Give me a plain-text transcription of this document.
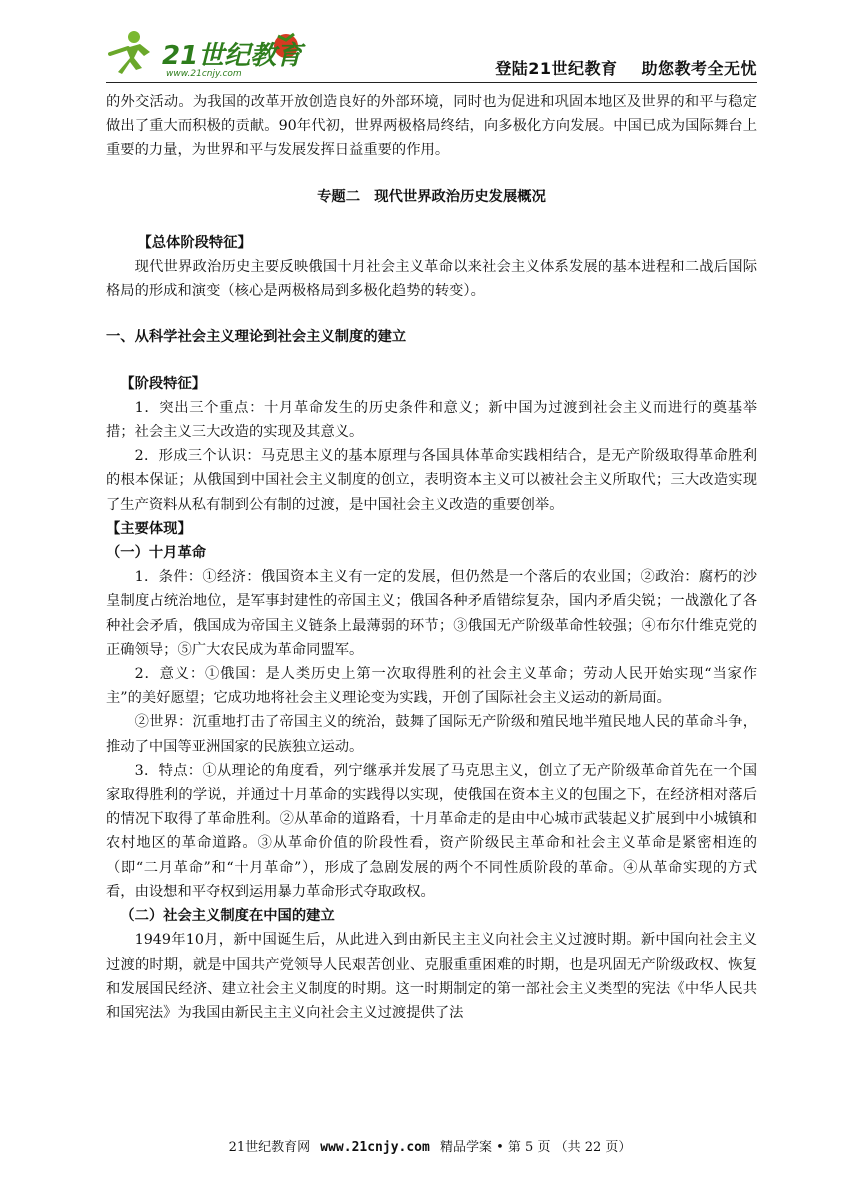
21世纪教育
www.21cnjy.com	登陆21世纪教育 助您教考全无忧

的外交活动。为我国的改革开放创造良好的外部环境，同时也为促进和巩固本地区及世界的和平与稳定做出了重大而积极的贡献。90年代初，世界两极格局终结，向多极化方向发展。中国已成为国际舞台上重要的力量，为世界和平与发展发挥日益重要的作用。

专题二　现代世界政治历史发展概况

【总体阶段特征】

现代世界政治历史主要反映俄国十月社会主义革命以来社会主义体系发展的基本进程和二战后国际格局的形成和演变（核心是两极格局到多极化趋势的转变）。

一、从科学社会主义理论到社会主义制度的建立

【阶段特征】

1．突出三个重点：十月革命发生的历史条件和意义；新中国为过渡到社会主义而进行的奠基举措；社会主义三大改造的实现及其意义。

2．形成三个认识：马克思主义的基本原理与各国具体革命实践相结合，是无产阶级取得革命胜利的根本保证；从俄国到中国社会主义制度的创立，表明资本主义可以被社会主义所取代；三大改造实现了生产资料从私有制到公有制的过渡，是中国社会主义改造的重要创举。

【主要体现】

（一）十月革命

1．条件：①经济：俄国资本主义有一定的发展，但仍然是一个落后的农业国；②政治：腐朽的沙皇制度占统治地位，是军事封建性的帝国主义；俄国各种矛盾错综复杂，国内矛盾尖锐；一战激化了各种社会矛盾，俄国成为帝国主义链条上最薄弱的环节；③俄国无产阶级革命性较强；④布尔什维克党的正确领导；⑤广大农民成为革命同盟军。

2．意义：①俄国：是人类历史上第一次取得胜利的社会主义革命；劳动人民开始实现“当家作主”的美好愿望；它成功地将社会主义理论变为实践，开创了国际社会主义运动的新局面。

②世界：沉重地打击了帝国主义的统治，鼓舞了国际无产阶级和殖民地半殖民地人民的革命斗争，推动了中国等亚洲国家的民族独立运动。

3．特点：①从理论的角度看，列宁继承并发展了马克思主义，创立了无产阶级革命首先在一个国家取得胜利的学说，并通过十月革命的实践得以实现，使俄国在资本主义的包围之下，在经济相对落后的情况下取得了革命胜利。②从革命的道路看，十月革命走的是由中心城市武装起义扩展到中小城镇和农村地区的革命道路。③从革命价值的阶段性看，资产阶级民主革命和社会主义革命是紧密相连的（即“二月革命”和“十月革命”），形成了急剧发展的两个不同性质阶段的革命。④从革命实现的方式看，由设想和平夺权到运用暴力革命形式夺取政权。

（二）社会主义制度在中国的建立

1949年10月，新中国诞生后，从此进入到由新民主主义向社会主义过渡时期。新中国向社会主义过渡的时期，就是中国共产党领导人民艰苦创业、克服重重困难的时期，也是巩固无产阶级政权、恢复和发展国民经济、建立社会主义制度的时期。这一时期制定的第一部社会主义类型的宪法《中华人民共和国宪法》为我国由新民主主义向社会主义过渡提供了法

21世纪教育网 www.21cnjy.com 精品学案 • 第 5 页 （共 22 页）
